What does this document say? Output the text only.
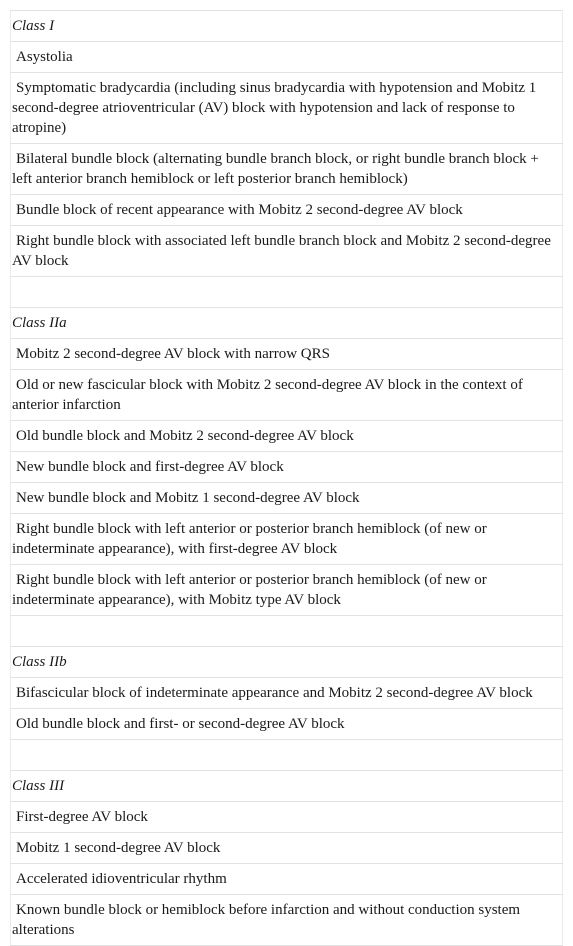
Class I
Asystolia
Symptomatic bradycardia (including sinus bradycardia with hypotension and Mobitz 1 second-degree atrioventricular (AV) block with hypotension and lack of response to atropine)
Bilateral bundle block (alternating bundle branch block, or right bundle branch block + left anterior branch hemiblock or left posterior branch hemiblock)
Bundle block of recent appearance with Mobitz 2 second-degree AV block
Right bundle block with associated left bundle branch block and Mobitz 2 second-degree AV block

Class IIa
Mobitz 2 second-degree AV block with narrow QRS
Old or new fascicular block with Mobitz 2 second-degree AV block in the context of anterior infarction
Old bundle block and Mobitz 2 second-degree AV block
New bundle block and first-degree AV block
New bundle block and Mobitz 1 second-degree AV block
Right bundle block with left anterior or posterior branch hemiblock (of new or indeterminate appearance), with first-degree AV block
Right bundle block with left anterior or posterior branch hemiblock (of new or indeterminate appearance), with Mobitz type AV block

Class IIb
Bifascicular block of indeterminate appearance and Mobitz 2 second-degree AV block
Old bundle block and first- or second-degree AV block

Class III
First-degree AV block
Mobitz 1 second-degree AV block
Accelerated idioventricular rhythm
Known bundle block or hemiblock before infarction and without conduction system alterations
